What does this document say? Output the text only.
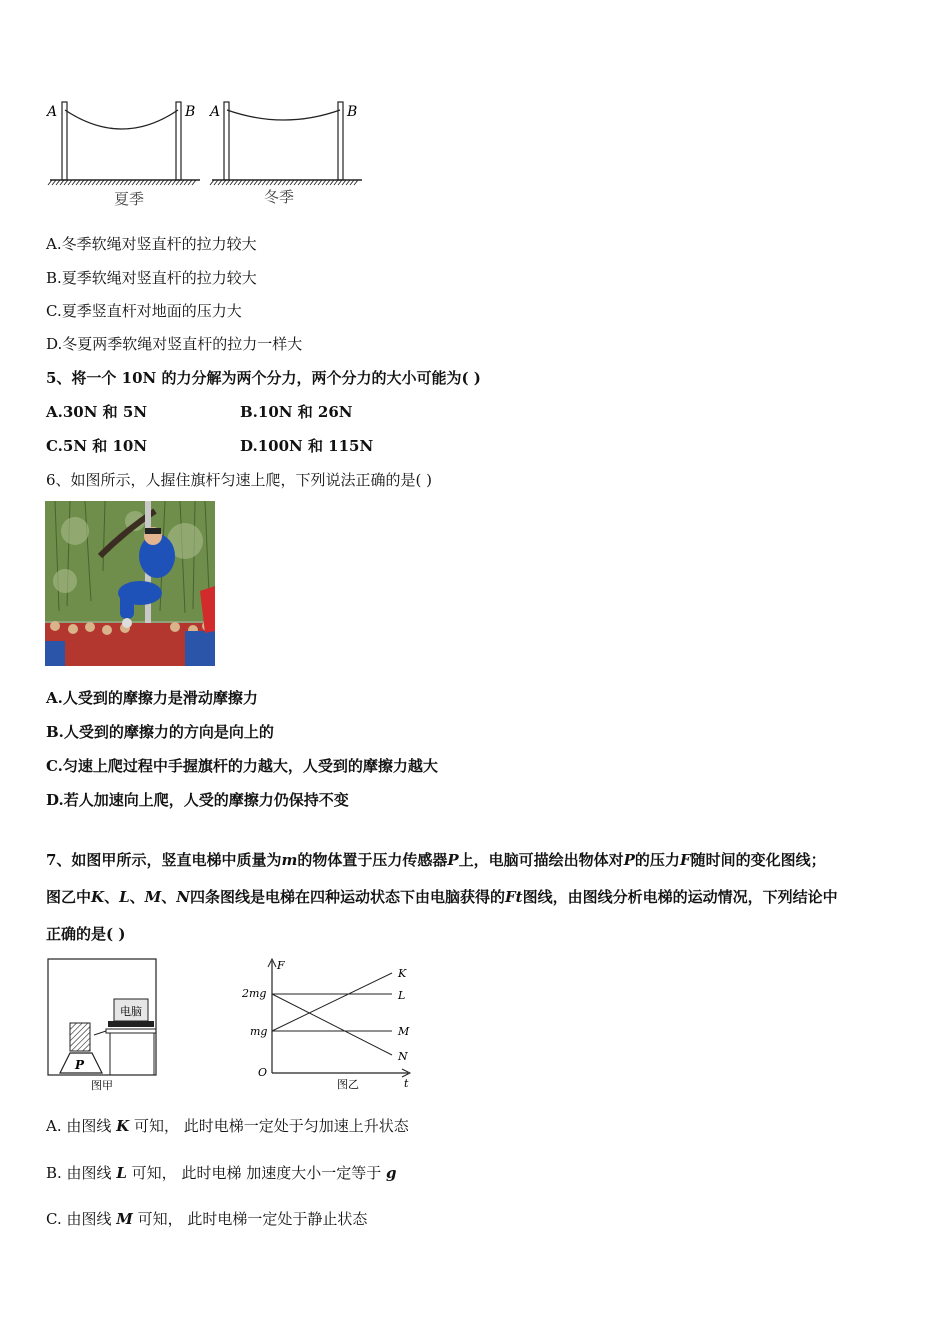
A	B A	B
夏季	冬季
A.冬季软绳对竖直杆的拉力较大
B.夏季软绳对竖直杆的拉力较大
C.夏季竖直杆对地面的压力大
D.冬夏两季软绳对竖直杆的拉力一样大
5、将一个 10N 的力分解为两个分力，两个分力的大小可能为( )
A.30N 和 5N	B.10N 和 26N
C.5N 和 10N	D.100N 和 115N
6、如图所示，人握住旗杆匀速上爬，下列说法正确的是( )
A.人受到的摩擦力是滑动摩擦力
B.人受到的摩擦力的方向是向上的
C.匀速上爬过程中手握旗杆的力越大，人受到的摩擦力越大
D.若人加速向上爬，人受的摩擦力仍保持不变
7、如图甲所示，竖直电梯中质量为m的物体置于压力传感器P上，电脑可描绘出物体对P的压力F随时间的变化图线；
图乙中K、L、M、N四条图线是电梯在四种运动状态下由电脑获得的Ft图线，由图线分析电梯的运动情况，下列结论中
正确的是( )
电脑
P
图甲
F
t
O
2mg
mg
K
L
M
N
图乙
A. 由图线 K 可知， 此时电梯一定处于匀加速上升状态
B. 由图线 L 可知， 此时电梯 加速度大小一定等于 g
C. 由图线 M 可知， 此时电梯一定处于静止状态
